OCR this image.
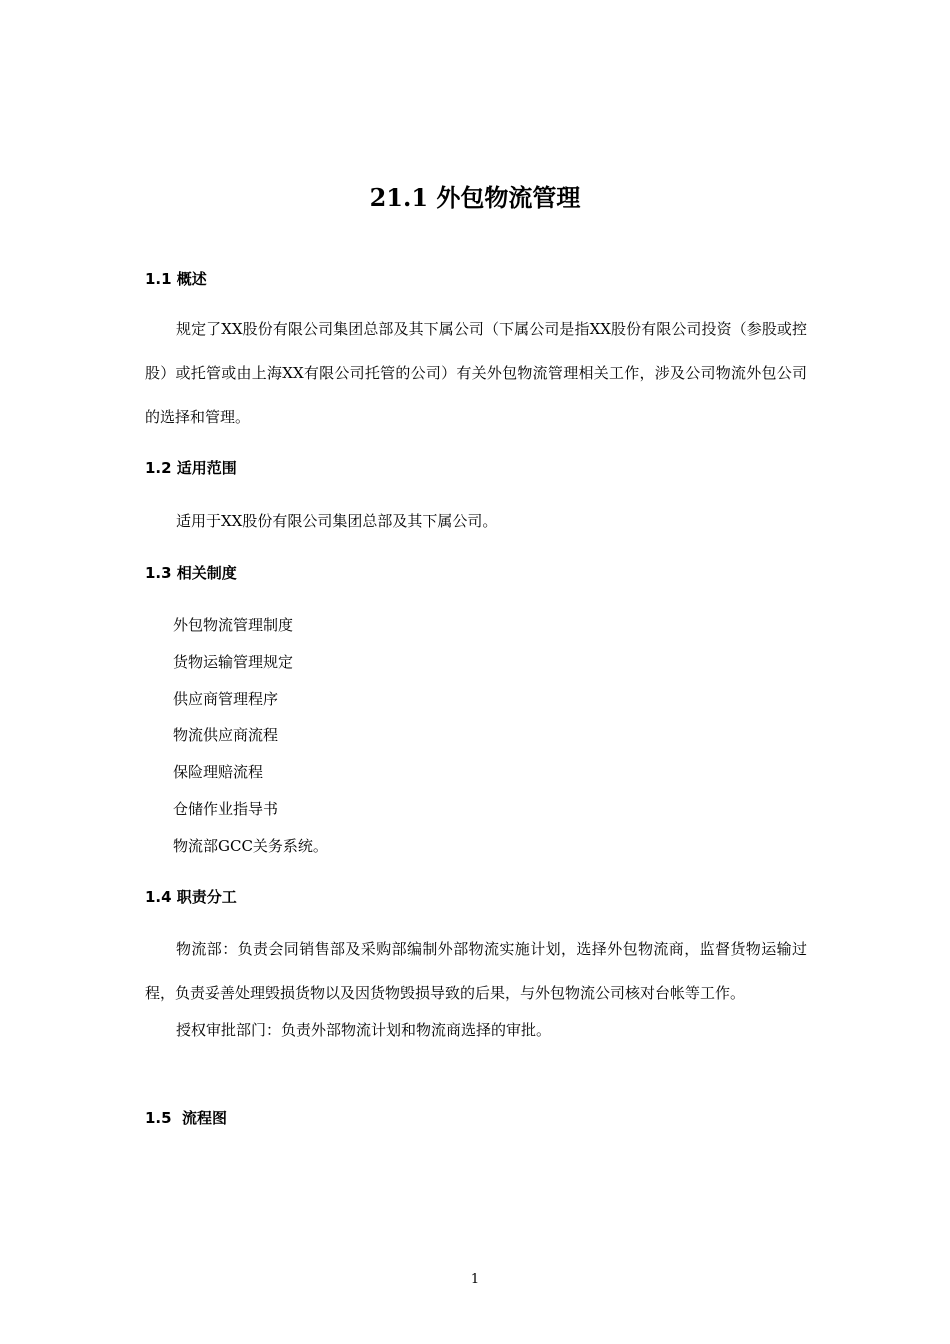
21.1 外包物流管理
1.1 概述

规定了XX股份有限公司集团总部及其下属公司（下属公司是指XX股份有限公司投资（参股或控股）或托管或由上海XX有限公司托管的公司）有关外包物流管理相关工作，涉及公司物流外包公司的选择和管理。

1.2 适用范围
适用于XX股份有限公司集团总部及其下属公司。
1.3 相关制度
外包物流管理制度
货物运输管理规定
供应商管理程序
物流供应商流程
保险理赔流程
仓储作业指导书
物流部GCC关务系统。
1.4 职责分工

物流部：负责会同销售部及采购部编制外部物流实施计划，选择外包物流商，监督货物运输过程，负责妥善处理毁损货物以及因货物毁损导致的后果，与外包物流公司核对台帐等工作。

授权审批部门：负责外部物流计划和物流商选择的审批。
1.5  流程图
1
